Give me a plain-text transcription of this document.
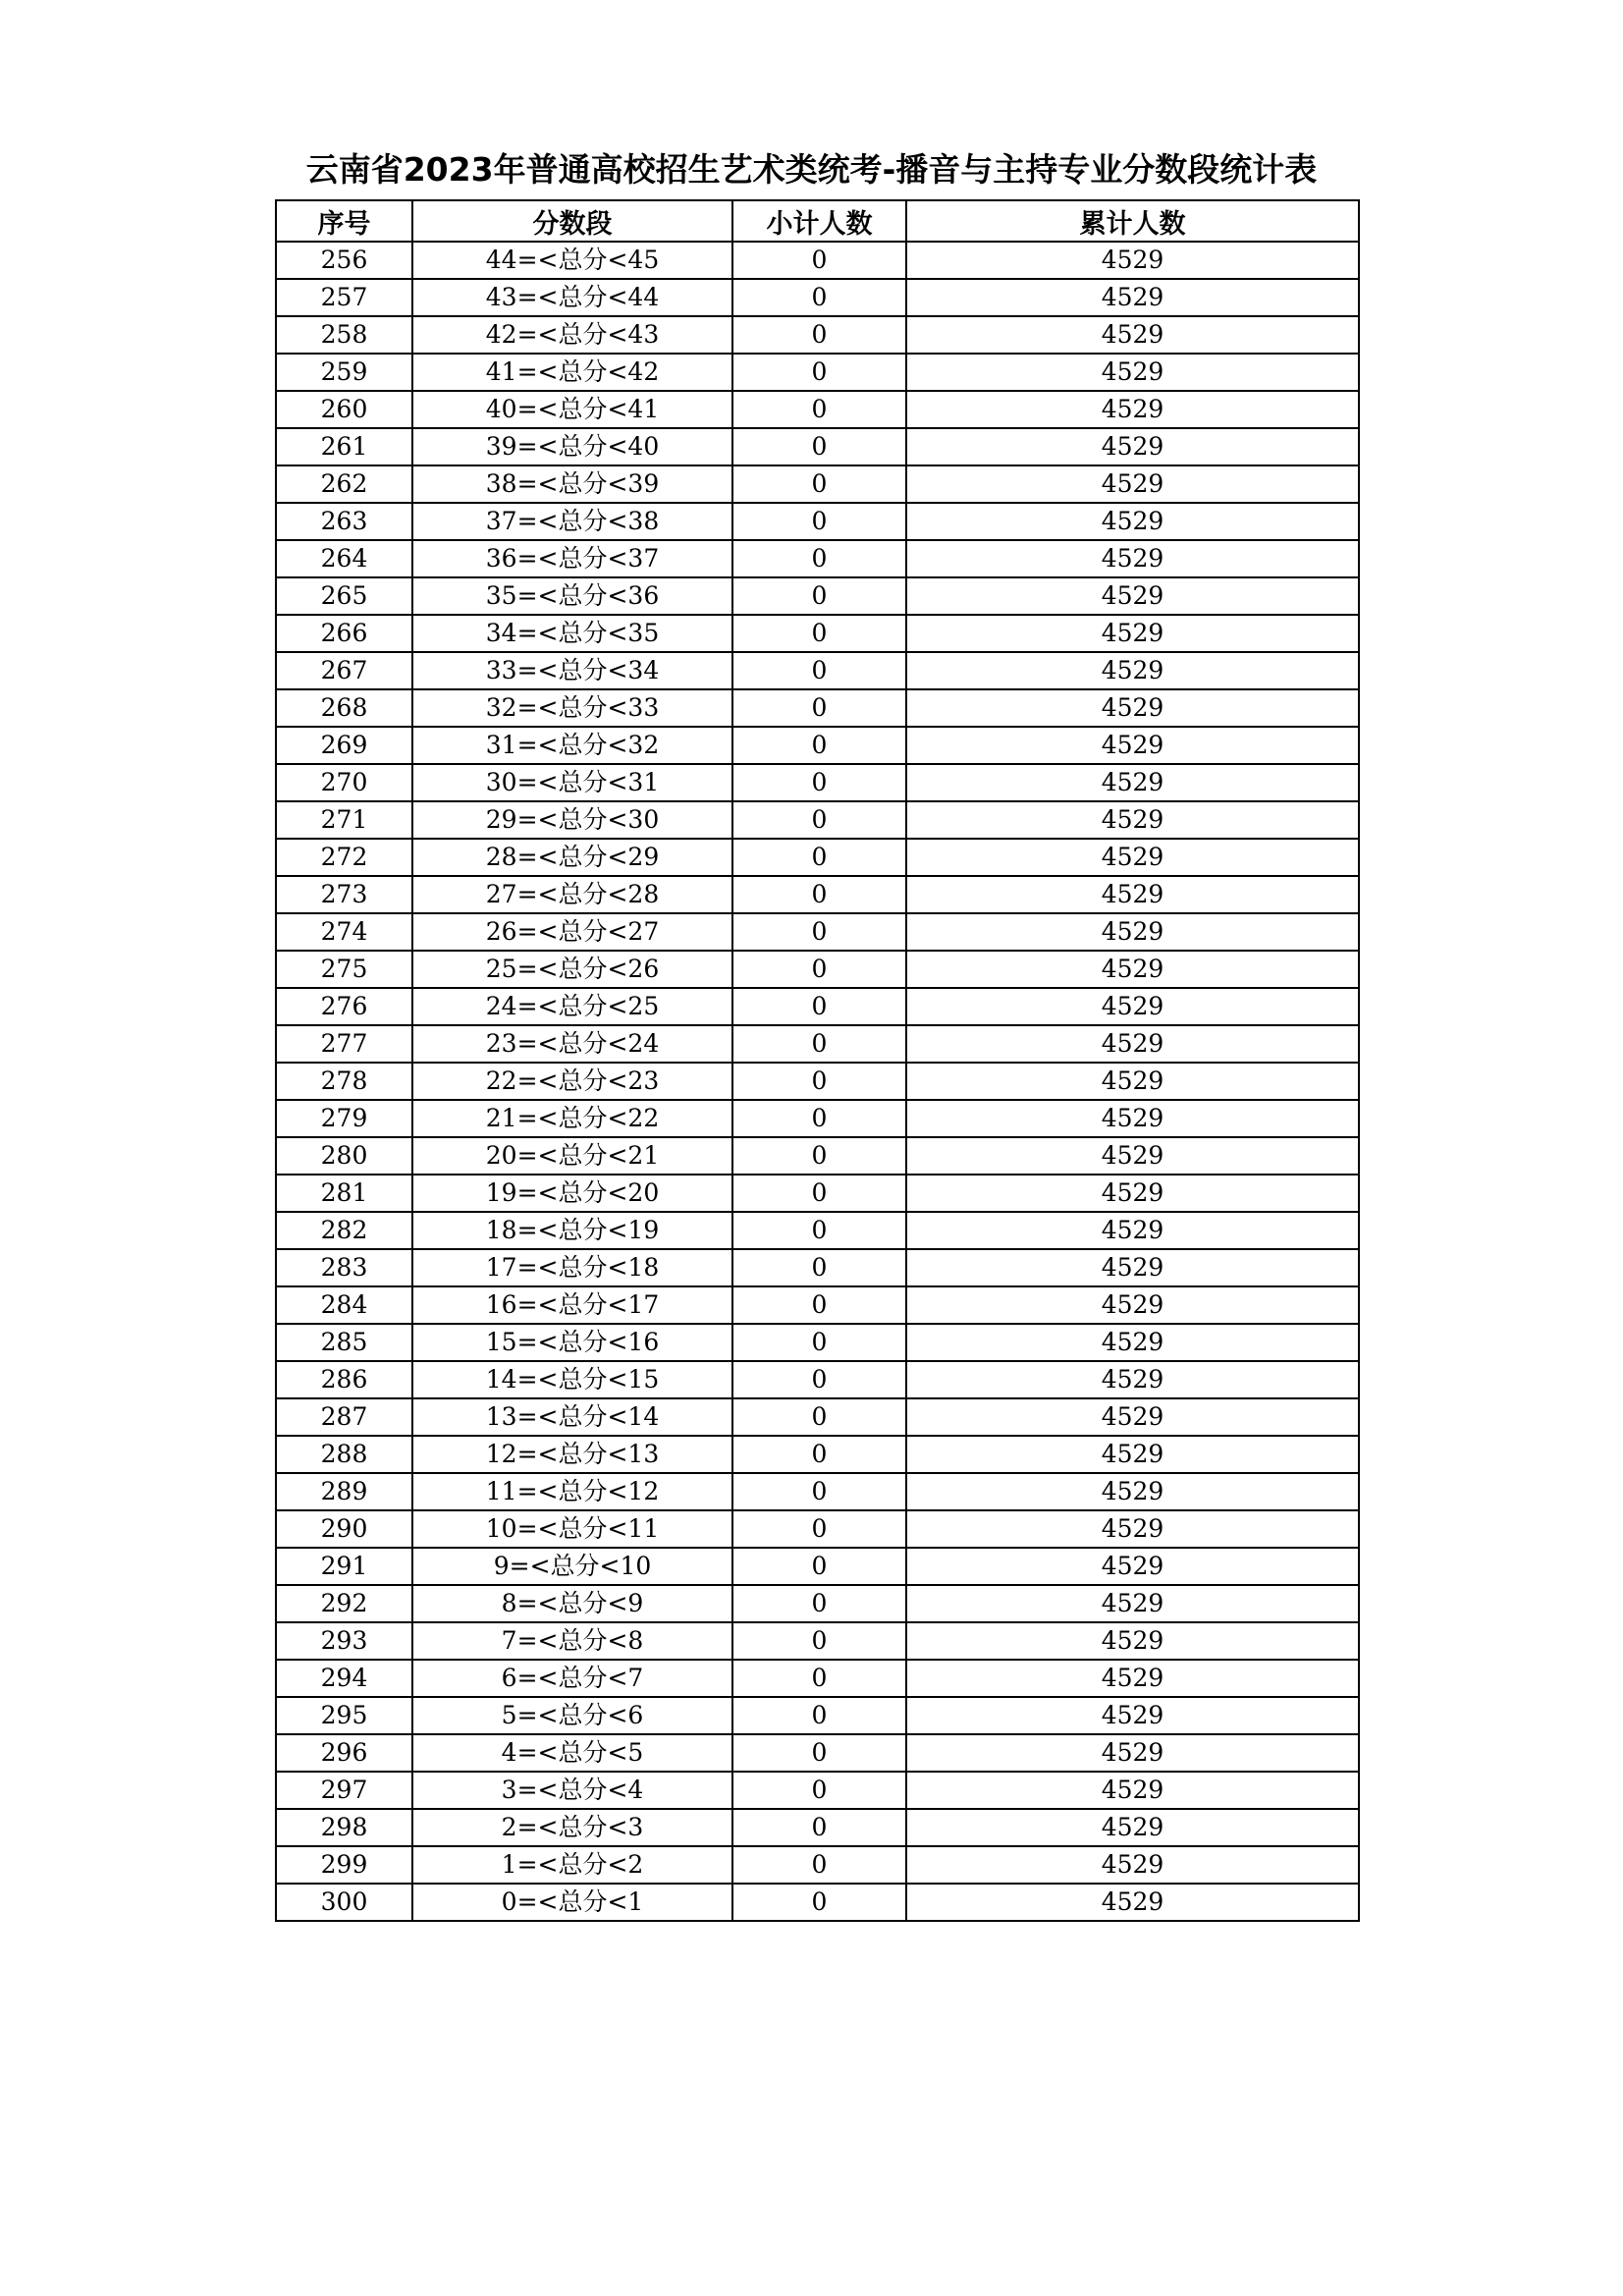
云南省2023年普通高校招生艺术类统考-播音与主持专业分数段统计表
序号	分数段	小计人数	累计人数
256	44=<总分<45	0	4529
257	43=<总分<44	0	4529
258	42=<总分<43	0	4529
259	41=<总分<42	0	4529
260	40=<总分<41	0	4529
261	39=<总分<40	0	4529
262	38=<总分<39	0	4529
263	37=<总分<38	0	4529
264	36=<总分<37	0	4529
265	35=<总分<36	0	4529
266	34=<总分<35	0	4529
267	33=<总分<34	0	4529
268	32=<总分<33	0	4529
269	31=<总分<32	0	4529
270	30=<总分<31	0	4529
271	29=<总分<30	0	4529
272	28=<总分<29	0	4529
273	27=<总分<28	0	4529
274	26=<总分<27	0	4529
275	25=<总分<26	0	4529
276	24=<总分<25	0	4529
277	23=<总分<24	0	4529
278	22=<总分<23	0	4529
279	21=<总分<22	0	4529
280	20=<总分<21	0	4529
281	19=<总分<20	0	4529
282	18=<总分<19	0	4529
283	17=<总分<18	0	4529
284	16=<总分<17	0	4529
285	15=<总分<16	0	4529
286	14=<总分<15	0	4529
287	13=<总分<14	0	4529
288	12=<总分<13	0	4529
289	11=<总分<12	0	4529
290	10=<总分<11	0	4529
291	9=<总分<10	0	4529
292	8=<总分<9	0	4529
293	7=<总分<8	0	4529
294	6=<总分<7	0	4529
295	5=<总分<6	0	4529
296	4=<总分<5	0	4529
297	3=<总分<4	0	4529
298	2=<总分<3	0	4529
299	1=<总分<2	0	4529
300	0=<总分<1	0	4529
